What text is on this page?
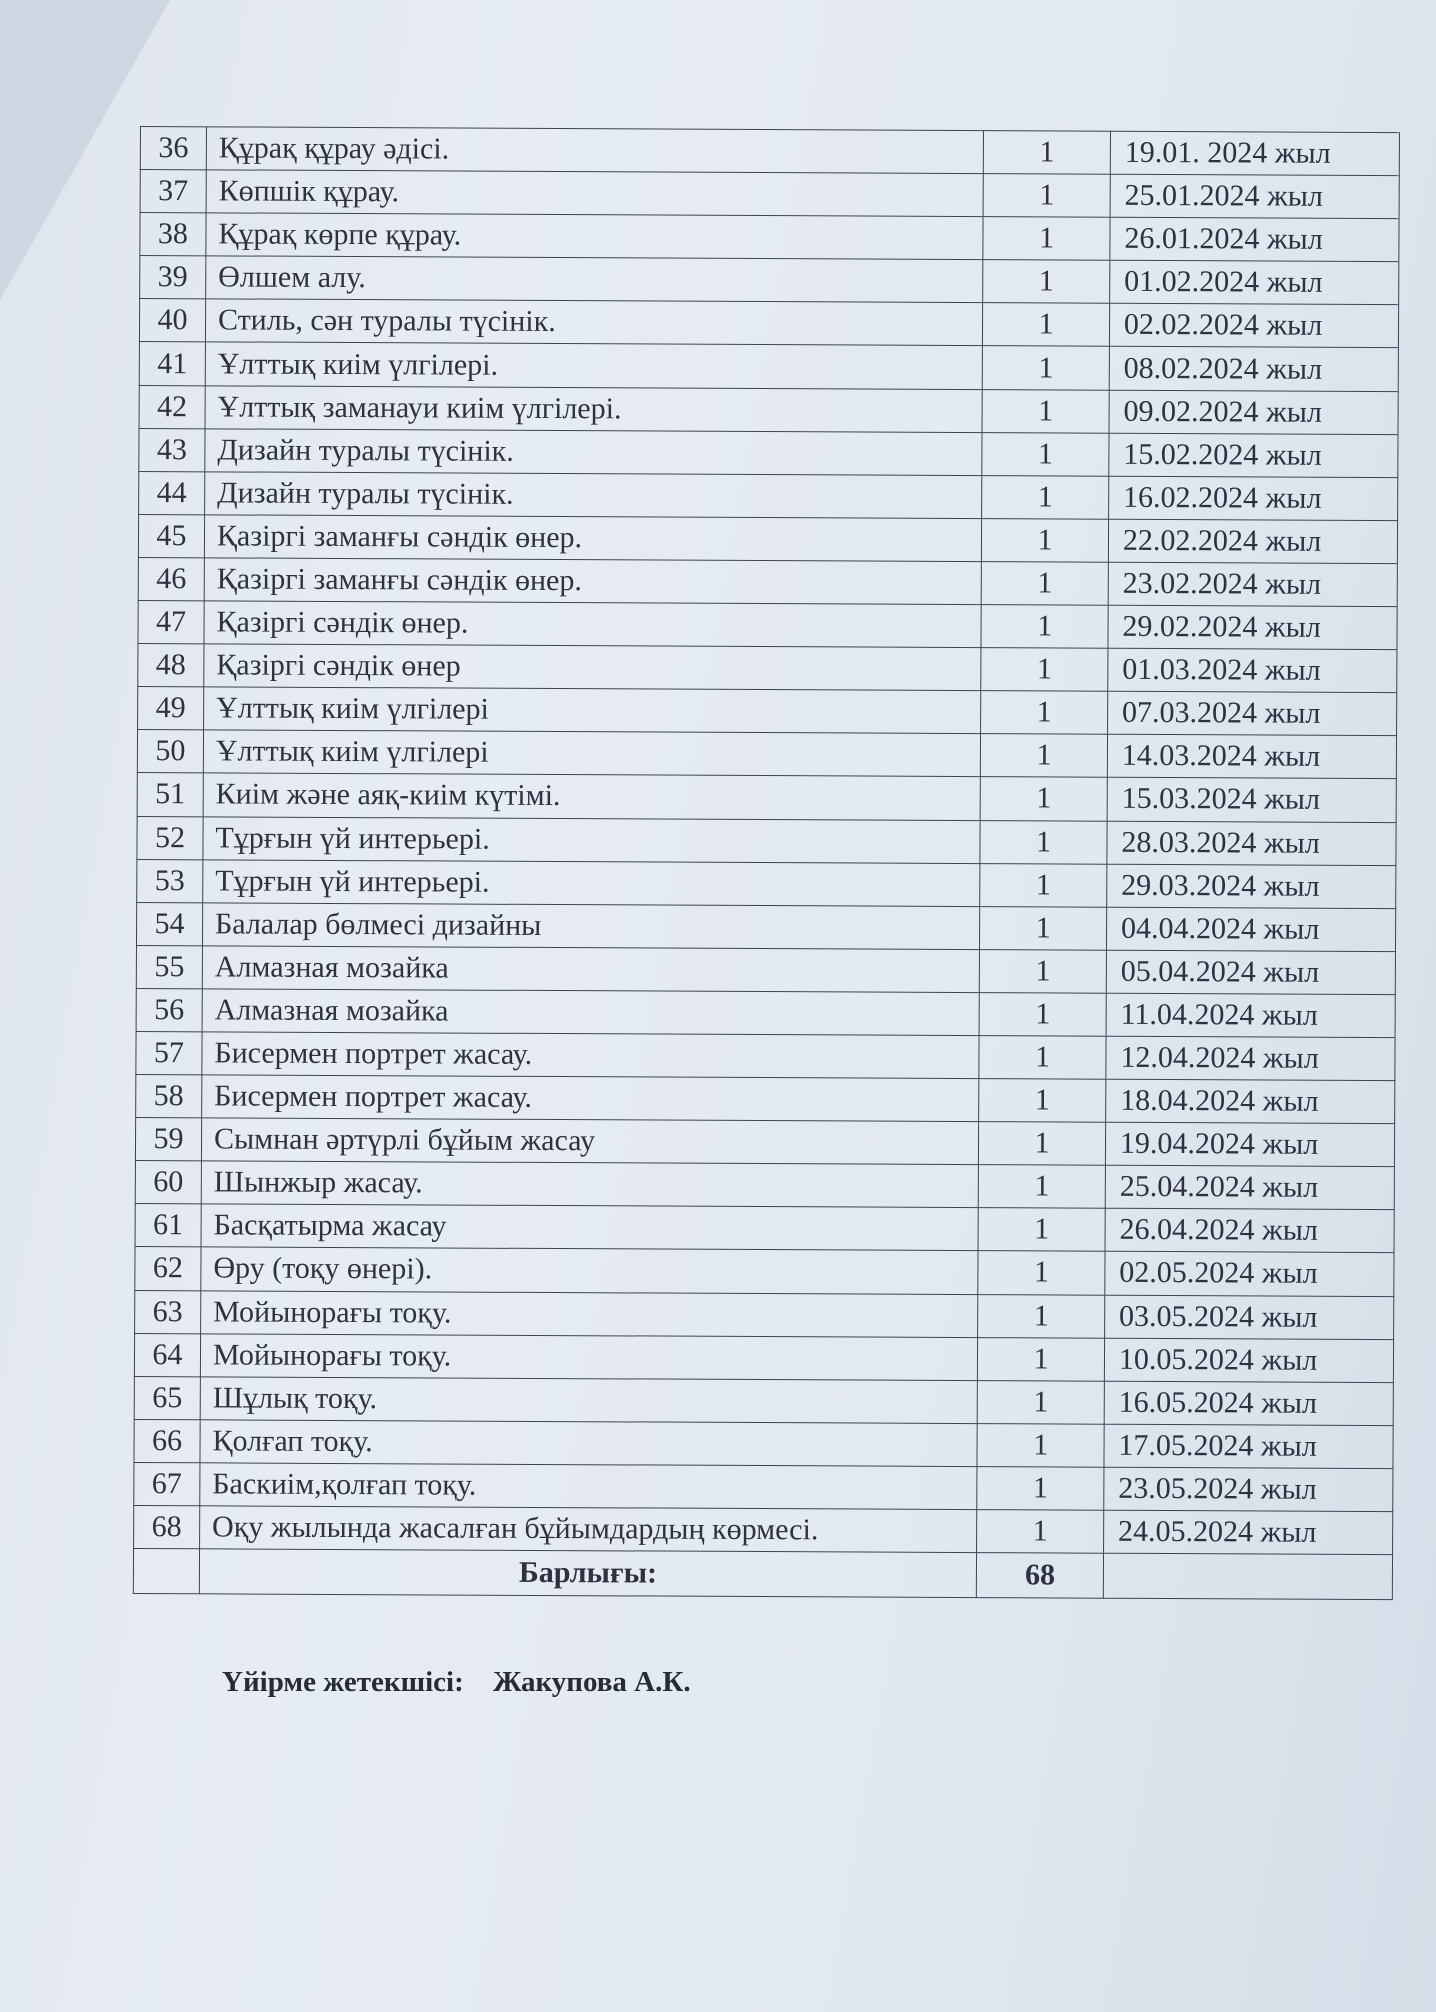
36	Құрақ құрау әдісі.	1	19.01. 2024 жыл
37	Көпшік құрау.	1	25.01.2024 жыл
38	Құрақ көрпе құрау.	1	26.01.2024 жыл
39	Өлшем алу.	1	01.02.2024 жыл
40	Стиль, сән туралы түсінік.	1	02.02.2024 жыл
41	Ұлттық киім үлгілері.	1	08.02.2024 жыл
42	Ұлттық заманауи киім үлгілері.	1	09.02.2024 жыл
43	Дизайн туралы түсінік.	1	15.02.2024 жыл
44	Дизайн туралы түсінік.	1	16.02.2024 жыл
45	Қазіргі заманғы сәндік өнер.	1	22.02.2024 жыл
46	Қазіргі заманғы сәндік өнер.	1	23.02.2024 жыл
47	Қазіргі сәндік өнер.	1	29.02.2024 жыл
48	Қазіргі сәндік өнер	1	01.03.2024 жыл
49	Ұлттық киім үлгілері	1	07.03.2024 жыл
50	Ұлттық киім үлгілері	1	14.03.2024 жыл
51	Киім және аяқ-киім күтімі.	1	15.03.2024 жыл
52	Тұрғын үй интерьері.	1	28.03.2024 жыл
53	Тұрғын үй интерьері.	1	29.03.2024 жыл
54	Балалар бөлмесі дизайны	1	04.04.2024 жыл
55	Алмазная мозайка	1	05.04.2024 жыл
56	Алмазная мозайка	1	11.04.2024 жыл
57	Бисермен портрет жасау.	1	12.04.2024 жыл
58	Бисермен портрет жасау.	1	18.04.2024 жыл
59	Сымнан әртүрлі бұйым жасау	1	19.04.2024 жыл
60	Шынжыр жасау.	1	25.04.2024 жыл
61	Басқатырма жасау	1	26.04.2024 жыл
62	Өру (тоқу өнері).	1	02.05.2024 жыл
63	Мойынорағы тоқу.	1	03.05.2024 жыл
64	Мойынорағы тоқу.	1	10.05.2024 жыл
65	Шұлық тоқу.	1	16.05.2024 жыл
66	Қолғап тоқу.	1	17.05.2024 жыл
67	Баскиім,қолғап тоқу.	1	23.05.2024 жыл
68	Оқу жылында жасалған бұйымдардың көрмесі.	1	24.05.2024 жыл
	Барлығы:	68	
Үйірме жетекшісі: Жакупова А.К.
